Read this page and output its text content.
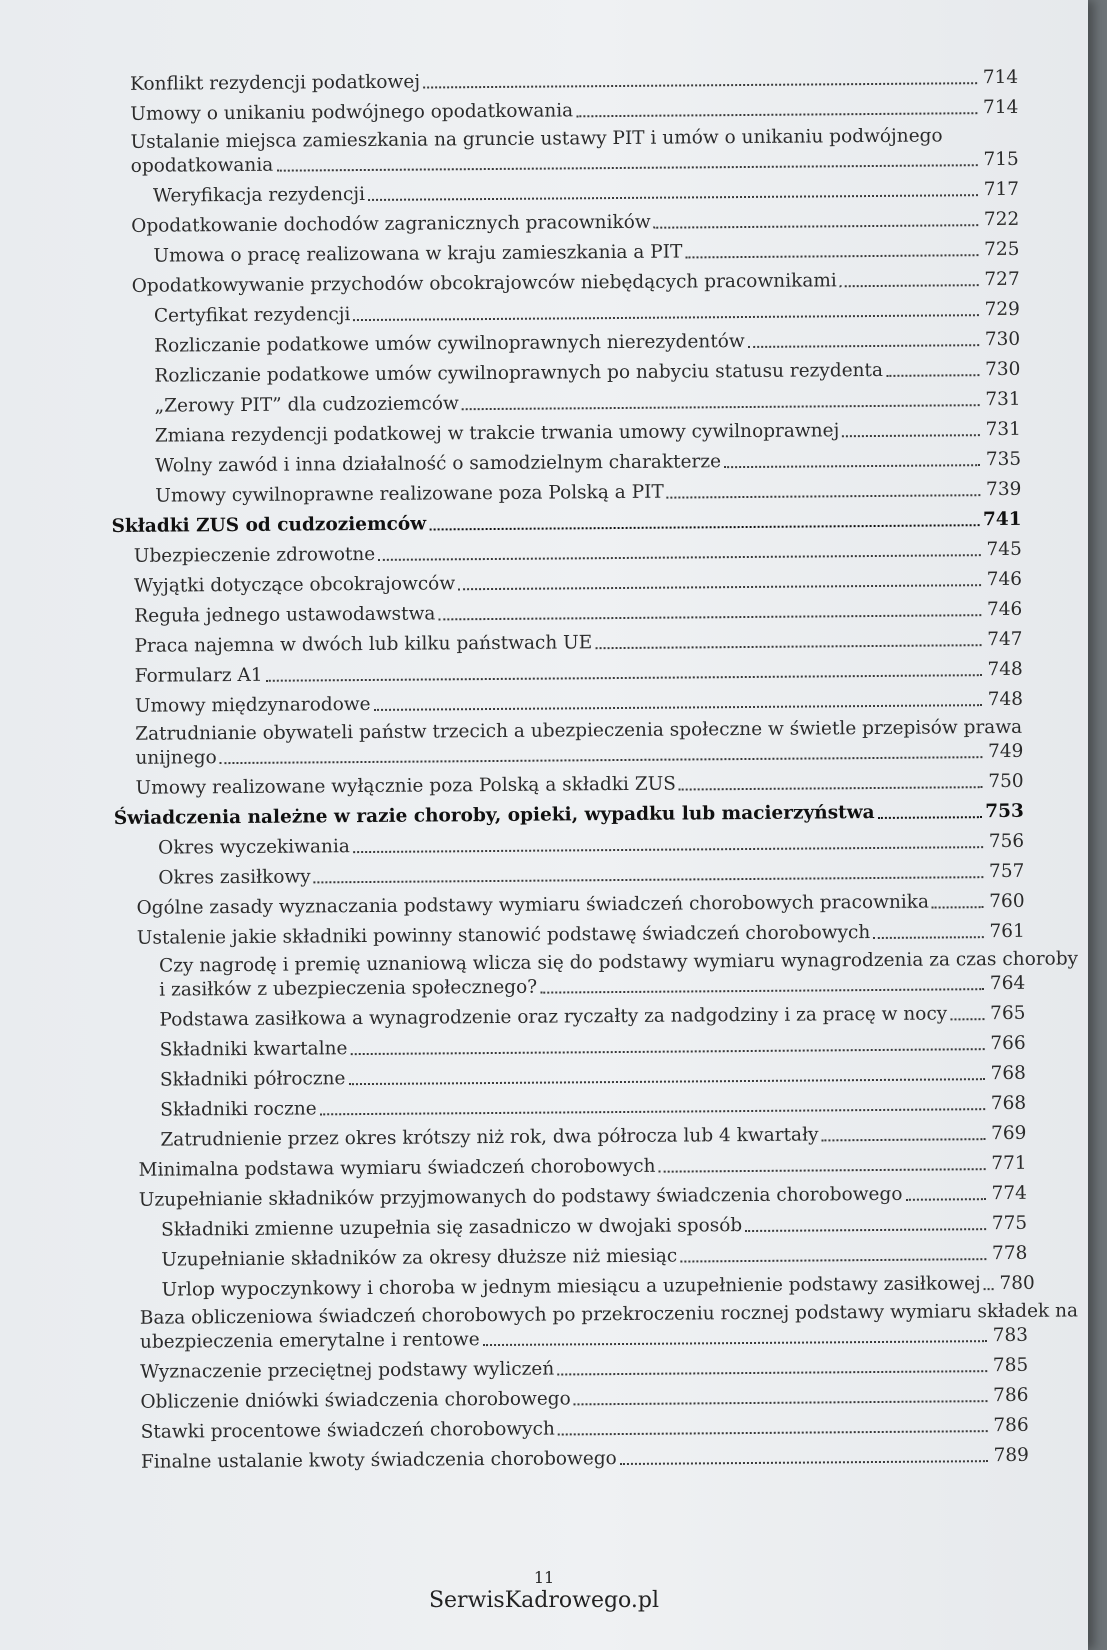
Konflikt rezydencji podatkowej	714
Umowy o unikaniu podwójnego opodatkowania	714
Ustalanie miejsca zamieszkania na gruncie ustawy PIT i umów o unikaniu podwójnego
opodatkowania	715
Weryfikacja rezydencji	717
Opodatkowanie dochodów zagranicznych pracowników	722
Umowa o pracę realizowana w kraju zamieszkania a PIT	725
Opodatkowywanie przychodów obcokrajowców niebędących pracownikami	727
Certyfikat rezydencji	729
Rozliczanie podatkowe umów cywilnoprawnych nierezydentów	730
Rozliczanie podatkowe umów cywilnoprawnych po nabyciu statusu rezydenta	730
„Zerowy PIT” dla cudzoziemców	731
Zmiana rezydencji podatkowej w trakcie trwania umowy cywilnoprawnej	731
Wolny zawód i inna działalność o samodzielnym charakterze	735
Umowy cywilnoprawne realizowane poza Polską a PIT	739
Składki ZUS od cudzoziemców	741
Ubezpieczenie zdrowotne	745
Wyjątki dotyczące obcokrajowców	746
Reguła jednego ustawodawstwa	746
Praca najemna w dwóch lub kilku państwach UE	747
Formularz A1	748
Umowy międzynarodowe	748
Zatrudnianie obywateli państw trzecich a ubezpieczenia społeczne w świetle przepisów prawa
unijnego	749
Umowy realizowane wyłącznie poza Polską a składki ZUS	750
Świadczenia należne w razie choroby, opieki, wypadku lub macierzyństwa	753
Okres wyczekiwania	756
Okres zasiłkowy	757
Ogólne zasady wyznaczania podstawy wymiaru świadczeń chorobowych pracownika	760
Ustalenie jakie składniki powinny stanowić podstawę świadczeń chorobowych	761
Czy nagrodę i premię uznaniową wlicza się do podstawy wymiaru wynagrodzenia za czas choroby
i zasiłków z ubezpieczenia społecznego?	764
Podstawa zasiłkowa a wynagrodzenie oraz ryczałty za nadgodziny i za pracę w nocy 765
Składniki kwartalne	766
Składniki półroczne	768
Składniki roczne	768
Zatrudnienie przez okres krótszy niż rok, dwa półrocza lub 4 kwartały	769
Minimalna podstawa wymiaru świadczeń chorobowych	771
Uzupełnianie składników przyjmowanych do podstawy świadczenia chorobowego	774
Składniki zmienne uzupełnia się zasadniczo w dwojaki sposób	775
Uzupełnianie składników za okresy dłuższe niż miesiąc	778
Urlop wypoczynkowy i choroba w jednym miesiącu a uzupełnienie podstawy zasiłkowej 780
Baza obliczeniowa świadczeń chorobowych po przekroczeniu rocznej podstawy wymiaru składek na
ubezpieczenia emerytalne i rentowe	783
Wyznaczenie przeciętnej podstawy wyliczeń	785
Obliczenie dniówki świadczenia chorobowego	786
Stawki procentowe świadczeń chorobowych	786
Finalne ustalanie kwoty świadczenia chorobowego	789
11
SerwisKadrowego.pl
